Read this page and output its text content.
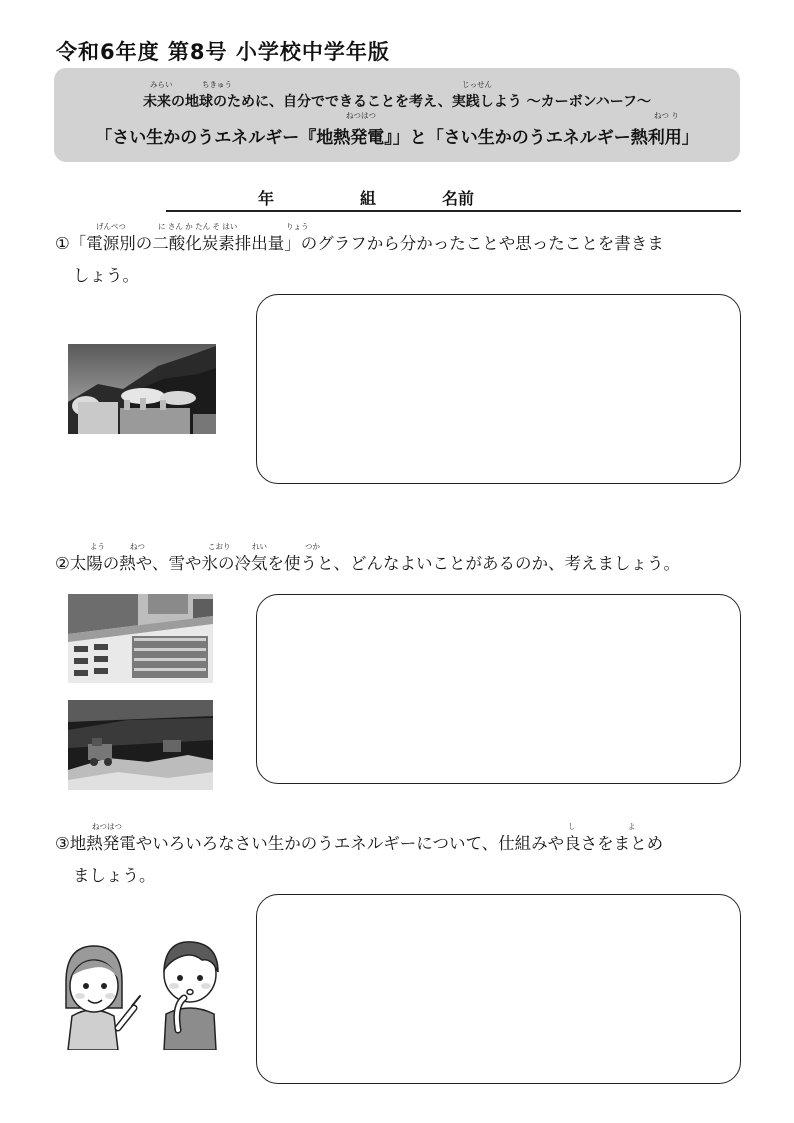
令和6年度 第8号 小学校中学年版
みらい	ちきゅう	じっせん
未来の地球のために、自分でできることを考え、実践しよう ～カーボンハーフ～
ねつはつ	ねつ り
「さい生かのうエネルギー『地熱発電』」と「さい生かのうエネルギー熱利用」
年	組	名前
げんべつ	に さん か たん そ はい	りょう
①「電源別の二酸化炭素排出量」のグラフから分かったことや思ったことを書きま
しょう。
よう	ねつ	こおり	れい	つか
②太陽の熱や、雪や氷の冷気を使うと、どんなよいことがあるのか、考えましょう。
ねつはつ	し	よ
③地熱発電やいろいろなさい生かのうエネルギーについて、仕組みや良さをまとめ
ましょう。
